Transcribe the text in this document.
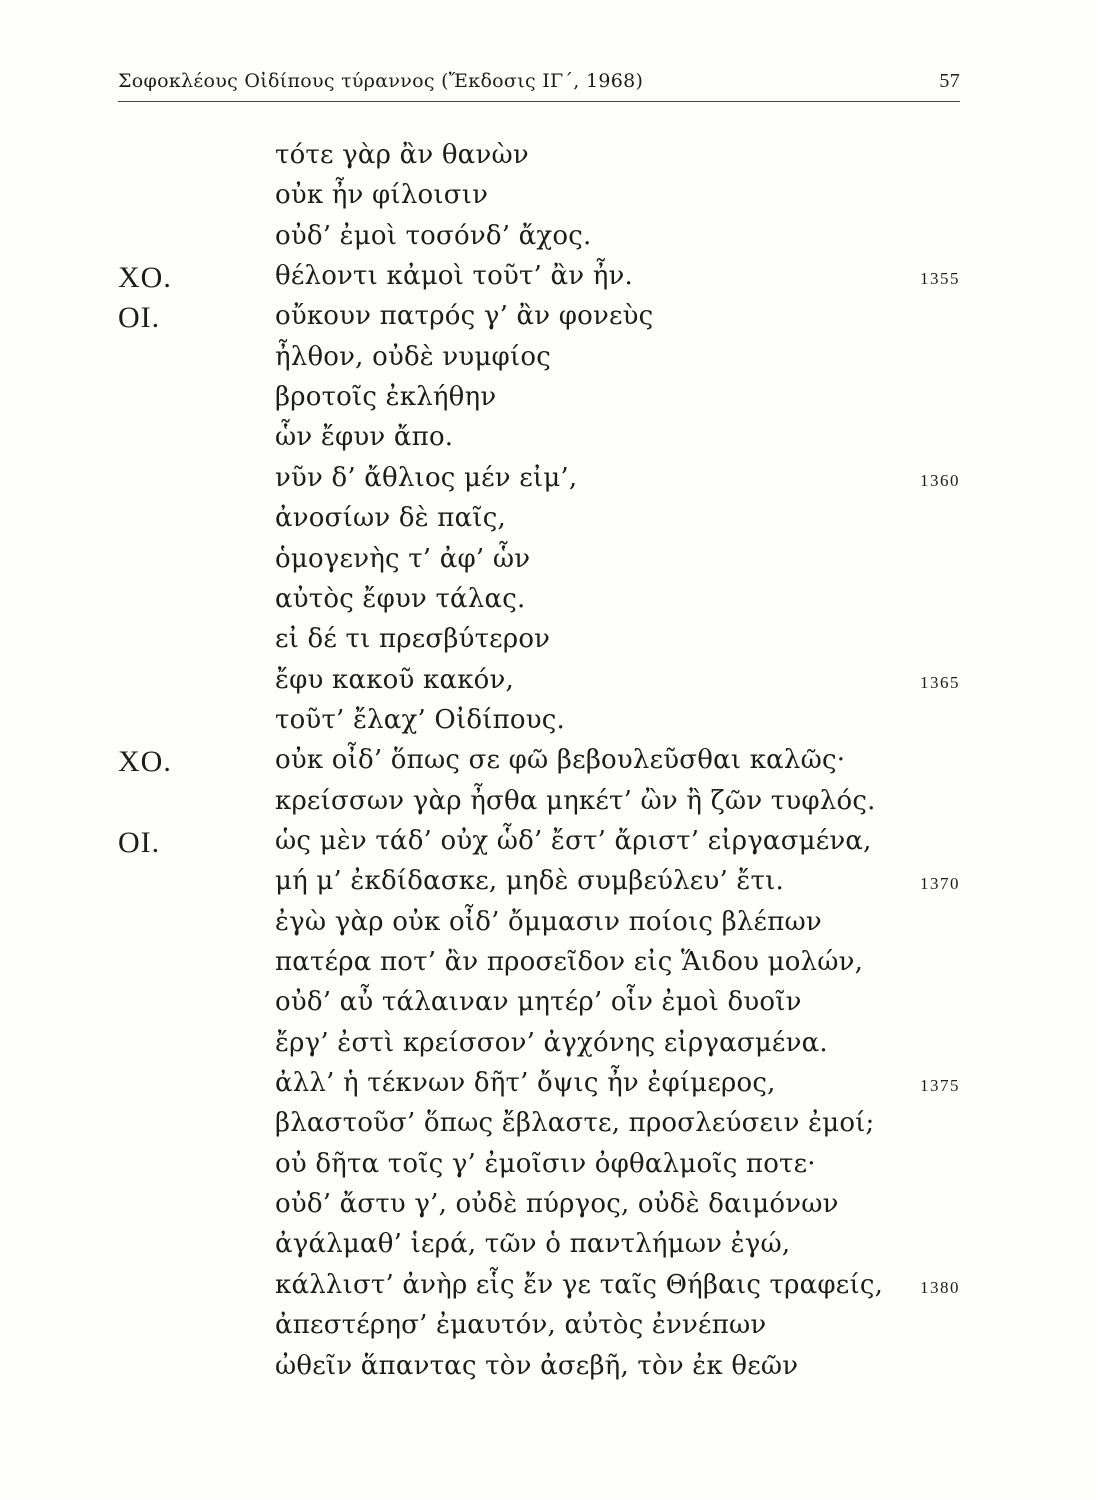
Σοφοκλέους Οἰδίπους τύραννος (Ἔκδοσις ΙΓ΄, 1968)	57
τότε γὰρ ἂν θανὼν
οὐκ ἦν φίλοισιν
οὐδ’ ἐμοὶ τοσόνδ’ ἄχος.
ΧΟ.	θέλοντι κἀμοὶ τοῦτ’ ἂν ἦν.	1355
ΟΙ.	οὔκουν πατρός γ’ ἂν φονεὺς
ἦλθον, οὐδὲ νυμφίος
βροτοῖς ἐκλήθην
ὧν ἔφυν ἄπο.
νῦν δ’ ἄθλιος μέν εἰμ’,	1360
ἀνοσίων δὲ παῖς,
ὁμογενὴς τ’ ἀφ’ ὧν
αὐτὸς ἔφυν τάλας.
εἰ δέ τι πρεσβύτερον
ἔφυ κακοῦ κακόν,	1365
τοῦτ’ ἔλαχ’ Οἰδίπους.
ΧΟ.	οὐκ οἶδ’ ὅπως σε φῶ βεβουλεῦσθαι καλῶς·
κρείσσων γὰρ ἦσθα μηκέτ’ ὢν ἢ ζῶν τυφλός.
ΟΙ.	ὡς μὲν τάδ’ οὐχ ὧδ’ ἔστ’ ἄριστ’ εἰργασμένα,
μή μ’ ἐκδίδασκε, μηδὲ συμβεύλευ’ ἔτι.	1370
ἐγὼ γὰρ οὐκ οἶδ’ ὄμμασιν ποίοις βλέπων
πατέρα ποτ’ ἂν προσεῖδον εἰς Ἅιδου μολών,
οὐδ’ αὖ τάλαιναν μητέρ’ οἷν ἐμοὶ δυοῖν
ἔργ’ ἐστὶ κρείσσον’ ἀγχόνης εἰργασμένα.
ἀλλ’ ἡ τέκνων δῆτ’ ὄψις ἦν ἐφίμερος,	1375
βλαστοῦσ’ ὅπως ἔβλαστε, προσλεύσειν ἐμοί;
οὐ δῆτα τοῖς γ’ ἐμοῖσιν ὀφθαλμοῖς ποτε·
οὐδ’ ἄστυ γ’, οὐδὲ πύργος, οὐδὲ δαιμόνων
ἀγάλμαθ’ ἱερά, τῶν ὁ παντλήμων ἐγώ,
κάλλιστ’ ἀνὴρ εἷς ἔν γε ταῖς Θήβαις τραφείς, 1380
ἀπεστέρησ’ ἐμαυτόν, αὐτὸς ἐννέπων
ὠθεῖν ἅπαντας τὸν ἀσεβῆ, τὸν ἐκ θεῶν
